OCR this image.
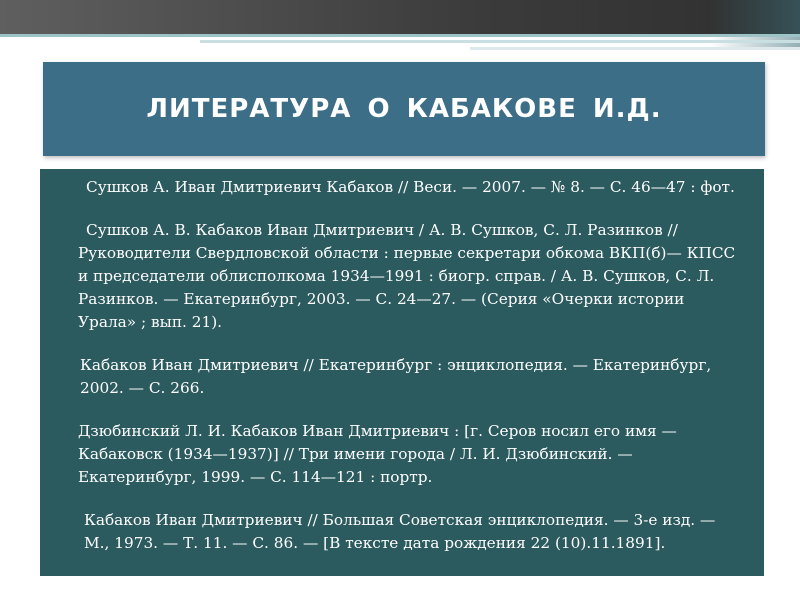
ЛИТЕРАТУРА О КАБАКОВЕ И.Д.

Сушков А. Иван Дмитриевич Кабаков // Веси. — 2007. — № 8. — С. 46—47 : фот.

Сушков А. В. Кабаков Иван Дмитриевич / А. В. Сушков, С. Л. Разинков // Руководители Свердловской области : первые секретари обкома ВКП(б)— КПСС и председатели облисполкома 1934—1991 : биогр. справ. / А. В. Сушков, С. Л. Разинков. — Екатеринбург, 2003. — С. 24—27. — (Серия «Очерки истории Урала» ; вып. 21).

Кабаков Иван Дмитриевич // Екатеринбург : энциклопедия. — Екатеринбург, 2002. — С. 266.

Дзюбинский Л. И. Кабаков Иван Дмитриевич : [г. Серов носил его имя — Кабаковск (1934—1937)] // Три имени города / Л. И. Дзюбинский. — Екатеринбург, 1999. — С. 114—121 : портр.

Кабаков Иван Дмитриевич // Большая Советская энциклопедия. — 3-е изд. — М., 1973. — Т. 11. — С. 86. — [В тексте дата рождения 22 (10).11.1891].
